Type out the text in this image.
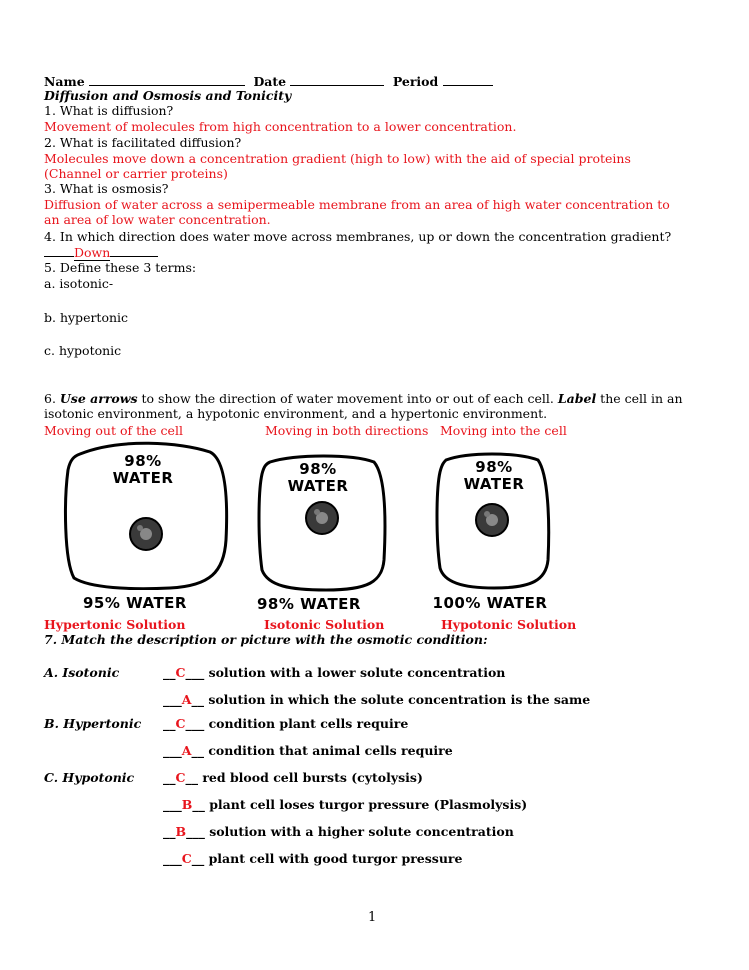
Name	Date	Period
Diffusion and Osmosis and Tonicity
1. What is diffusion?
Movement of molecules from high concentration to a lower concentration.
2. What is facilitated diffusion?
Molecules move down a concentration gradient (high to low) with the aid of special proteins
(Channel or carrier proteins)
3. What is osmosis?
Diffusion of water across a semipermeable membrane from an area of high water concentration to
an area of low water concentration.
4. In which direction does water move across membranes, up or down the concentration gradient?
Down
5. Define these 3 terms:
a. isotonic-
b. hypertonic
c. hypotonic
6. Use arrows to show the direction of water movement into or out of each cell. Label the cell in an
isotonic environment, a hypotonic environment, and a hypertonic environment.
Moving out of the cell	Moving in both directions Moving into the cell
98%
WATER	98%
WATER
98%
WATER
95% WATER	98% WATER	100% WATER
Hypertonic Solution	Isotonic Solution	Hypotonic Solution
7. Match the description or picture with the osmotic condition:
A. Isotonic
B. Hypertonic
C. Hypotonic
__C___ solution with a lower solute concentration
___A__ solution in which the solute concentration is the same
__C___ condition plant cells require
___A__ condition that animal cells require
__C__ red blood cell bursts (cytolysis)
___B__ plant cell loses turgor pressure (Plasmolysis)
__B___ solution with a higher solute concentration
___C__ plant cell with good turgor pressure
1
